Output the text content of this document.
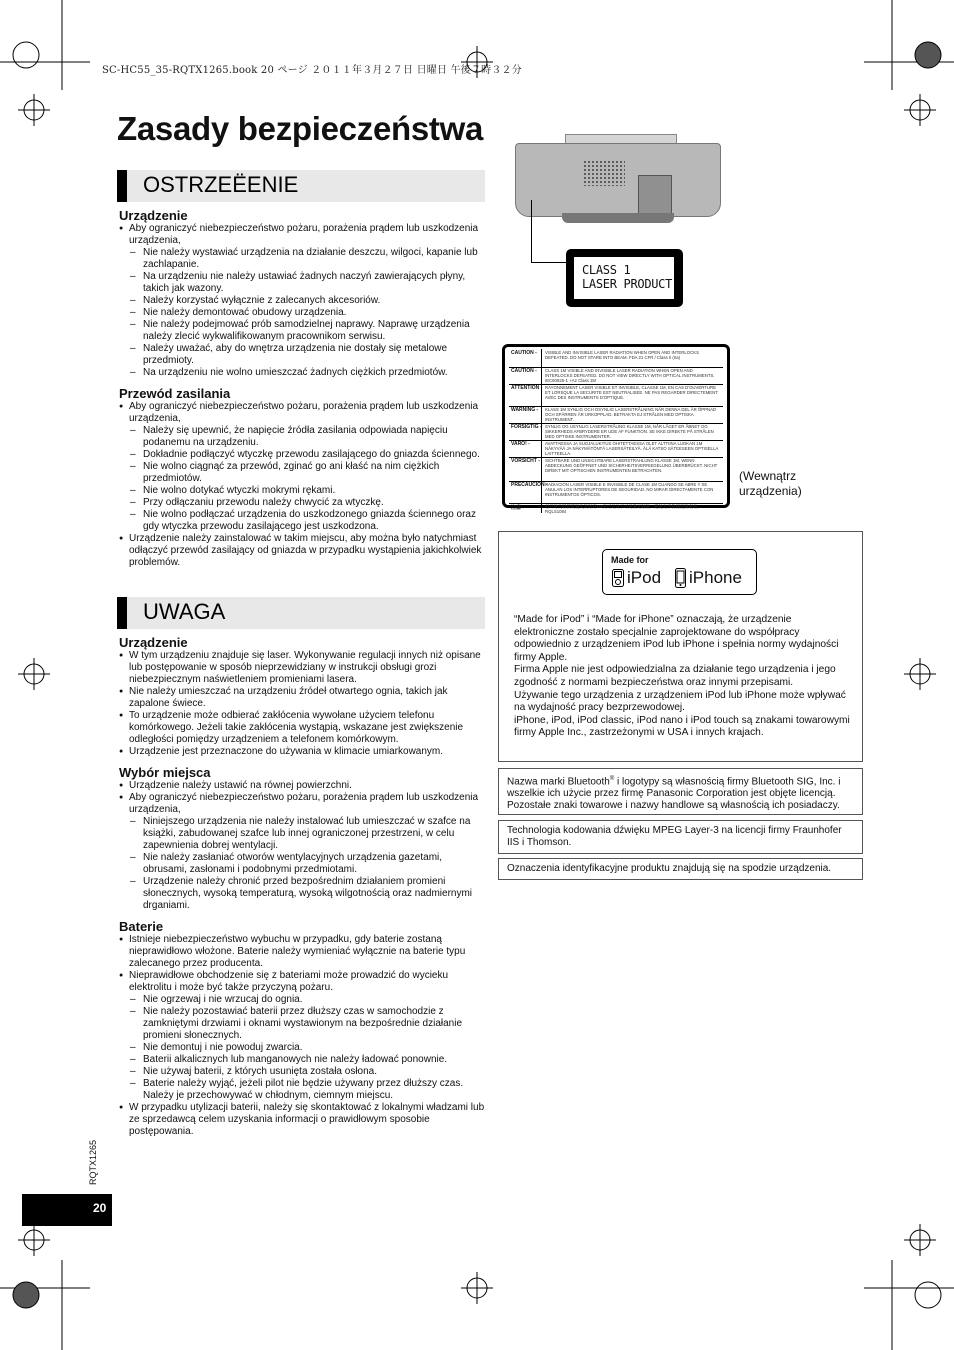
SC-HC55_35-RQTX1265.book 20 ページ ２０１１年３月２７日 日曜日 午後７時３２分
Zasady bezpieczeństwa
OSTRZEËENIE
Urządzenie
● Aby ograniczyć niebezpieczeństwo pożaru, porażenia prądem lub uszkodzenia urządzenia,
– Nie należy wystawiać urządzenia na działanie deszczu, wilgoci, kapanie lub zachlapanie.
– Na urządzeniu nie należy ustawiać żadnych naczyń zawierających płyny, takich jak wazony.
– Należy korzystać wyłącznie z zalecanych akcesoriów.
– Nie należy demontować obudowy urządzenia.
– Nie należy podejmować prób samodzielnej naprawy. Naprawę urządzenia należy zlecić wykwalifikowanym pracownikom serwisu.
– Należy uważać, aby do wnętrza urządzenia nie dostały się metalowe przedmioty.
– Na urządzeniu nie wolno umieszczać żadnych ciężkich przedmiotów.
Przewód zasilania
● Aby ograniczyć niebezpieczeństwo pożaru, porażenia prądem lub uszkodzenia urządzenia,
– Należy się upewnić, że napięcie źródła zasilania odpowiada napięciu podanemu na urządzeniu.
– Dokładnie podłączyć wtyczkę przewodu zasilającego do gniazda ściennego.
– Nie wolno ciągnąć za przewód, zginać go ani kłaść na nim ciężkich przedmiotów.
– Nie wolno dotykać wtyczki mokrymi rękami.
– Przy odłączaniu przewodu należy chwycić za wtyczkę.
– Nie wolno podłączać urządzenia do uszkodzonego gniazda ściennego oraz gdy wtyczka przewodu zasilającego jest uszkodzona.
● Urządzenie należy zainstalować w takim miejscu, aby można było natychmiast odłączyć przewód zasilający od gniazda w przypadku wystąpienia jakichkolwiek problemów.
UWAGA
Urządzenie
● W tym urządzeniu znajduje się laser. Wykonywanie regulacji innych niż opisane lub postępowanie w sposób nieprzewidziany w instrukcji obsługi grozi niebezpiecznym naświetleniem promieniami lasera.
● Nie należy umieszczać na urządzeniu źródeł otwartego ognia, takich jak zapalone świece.
● To urządzenie może odbierać zakłócenia wywołane użyciem telefonu komórkowego. Jeżeli takie zakłócenia wystąpią, wskazane jest zwiększenie odległości pomiędzy urządzeniem a telefonem komórkowym.
● Urządzenie jest przeznaczone do używania w klimacie umiarkowanym.
Wybór miejsca
● Urządzenie należy ustawić na równej powierzchni.
● Aby ograniczyć niebezpieczeństwo pożaru, porażenia prądem lub uszkodzenia urządzenia,
– Niniejszego urządzenia nie należy instalować lub umieszczać w szafce na książki, zabudowanej szafce lub innej ograniczonej przestrzeni, w celu zapewnienia dobrej wentylacji.
– Nie należy zasłaniać otworów wentylacyjnych urządzenia gazetami, obrusami, zasłonami i podobnymi przedmiotami.
– Urządzenie należy chronić przed bezpośrednim działaniem promieni słonecznych, wysoką temperaturą, wysoką wilgotnością oraz nadmiernymi drganiami.
Baterie
● Istnieje niebezpieczeństwo wybuchu w przypadku, gdy baterie zostaną nieprawidłowo włożone. Baterie należy wymieniać wyłącznie na baterie typu zalecanego przez producenta.
● Nieprawidłowe obchodzenie się z bateriami może prowadzić do wycieku elektrolitu i może być także przyczyną pożaru.
– Nie ogrzewaj i nie wrzucaj do ognia.
– Nie należy pozostawiać baterii przez dłuższy czas w samochodzie z zamkniętymi drzwiami i oknami wystawionym na bezpośrednie działanie promieni słonecznych.
– Nie demontuj i nie powoduj zwarcia.
– Baterii alkalicznych lub manganowych nie należy ładować ponownie.
– Nie używaj baterii, z których usunięta została osłona.
– Baterie należy wyjąć, jeżeli pilot nie będzie używany przez dłuższy czas. Należy je przechowywać w chłodnym, ciemnym miejscu.
● W przypadku utylizacji baterii, należy się skontaktować z lokalnymi władzami lub ze sprzedawcą celem uzyskania informacji o prawidłowym sposobie postępowania.
CLASS 1
LASER PRODUCT
CAUTION - VISIBLE AND INVISIBLE LASER RADIATION WHEN OPEN AND INTERLOCKS DEFEATED. DO NOT STARE INTO BEAM. FDA 21 CFR / Class II (IIa)
CAUTION - CLASS 1M VISIBLE AND INVISIBLE LASER RADIATION WHEN OPEN AND INTERLOCKS DEFEATED. DO NOT VIEW DIRECTLY WITH OPTICAL INSTRUMENTS. IEC60825-1 +A2 Class 1M
ATTENTION - RAYONNEMENT LASER VISIBLE ET INVISIBLE, CLASSE 1M, EN CAS D'OUVERTURE ET LORSQUE LA SECURITE EST NEUTRALISEE. NE PAS REGARDER DIRECTEMENT AVEC DES INSTRUMENTS D'OPTIQUE.
WARNING - KLASS 1M SYNLIG OCH OSYNLIG LASERSTRÅLNING NÄR DENNA DEL ÄR ÖPPNAD OCH SPÄRREN ÄR URKOPPLAD. BETRAKTA EJ STRÅLEN MED OPTISKA INSTRUMENT.
FORSIGTIG - SYNLIG OG USYNLIG LASERSTRÅLING KLASSE 1M, NÅR LÅGET ER ÅBNET OG SIKKERHEDS AFBRYDERE ER UDE AF FUNKTION. SE IKKE DIREKTE PÅ STRÅLEN MED OPTISKE INSTRUMENTER.
VARO! -	AVATTAESSA JA SUOJALUKITUS OHITETTAESSA OLET ALTTIINA LUOKAN 1M NÄKYVÄÄ JA NÄKYMÄTÖNTÄ LASERSÄTEILYÄ. ÄLÄ KATSO SÄTEESEEN OPTISELLA LAITTEELLA.
VORSICHT - SICHTBARE UND UNSICHTBARE LASERSTRAHLUNG KLASSE 1M, WENN ABDECKUNG GEÖFFNET UND SICHERHEITSVERRIEGELUNG ÜBERBRÜCKT. NICHT DIREKT MIT OPTISCHEN INSTRUMENTEN BETRACHTEN.
PRECAUCIÓN -
RADIACIÓN LASER VISIBLE E INVISIBLE DE CLASE 1M CUANDO SE ABRE Y SE ANULAN LOS INTERRUPTORES DE SEGURIDAD. NO MIRAR DIRECTAMENTE CON INSTRUMENTOS ÓPTICOS.
注意 -	打开时及联锁装置失效时有1M类可见及不可见激光辐射。避免光学仪器直接观看。 RQLS1084
(Wewnątrz urządzenia)
Made for
iPod iPhone

“Made for iPod” i “Made for iPhone” oznaczają, że urządzenie elektroniczne zostało specjalnie zaprojektowane do współpracy odpowiednio z urządzeniem iPod lub iPhone i spełnia normy wydajności firmy Apple.

Firma Apple nie jest odpowiedzialna za działanie tego urządzenia i jego zgodność z normami bezpieczeństwa oraz innymi przepisami.

Używanie tego urządzenia z urządzeniem iPod lub iPhone może wpływać na wydajność pracy bezprzewodowej.

iPhone, iPod, iPod classic, iPod nano i iPod touch są znakami towarowymi firmy Apple Inc., zastrzeżonymi w USA i innych krajach.

Nazwa marki Bluetooth® i logotypy są własnością firmy Bluetooth SIG, Inc. i wszelkie ich użycie przez firmę Panasonic Corporation jest objęte licencją. Pozostałe znaki towarowe i nazwy handlowe są własnością ich posiadaczy.
Technologia kodowania dźwięku MPEG Layer-3 na licencji firmy Fraunhofer IIS i Thomson.
Oznaczenia identyfikacyjne produktu znajdują się na spodzie urządzenia.
RQTX1265
20
